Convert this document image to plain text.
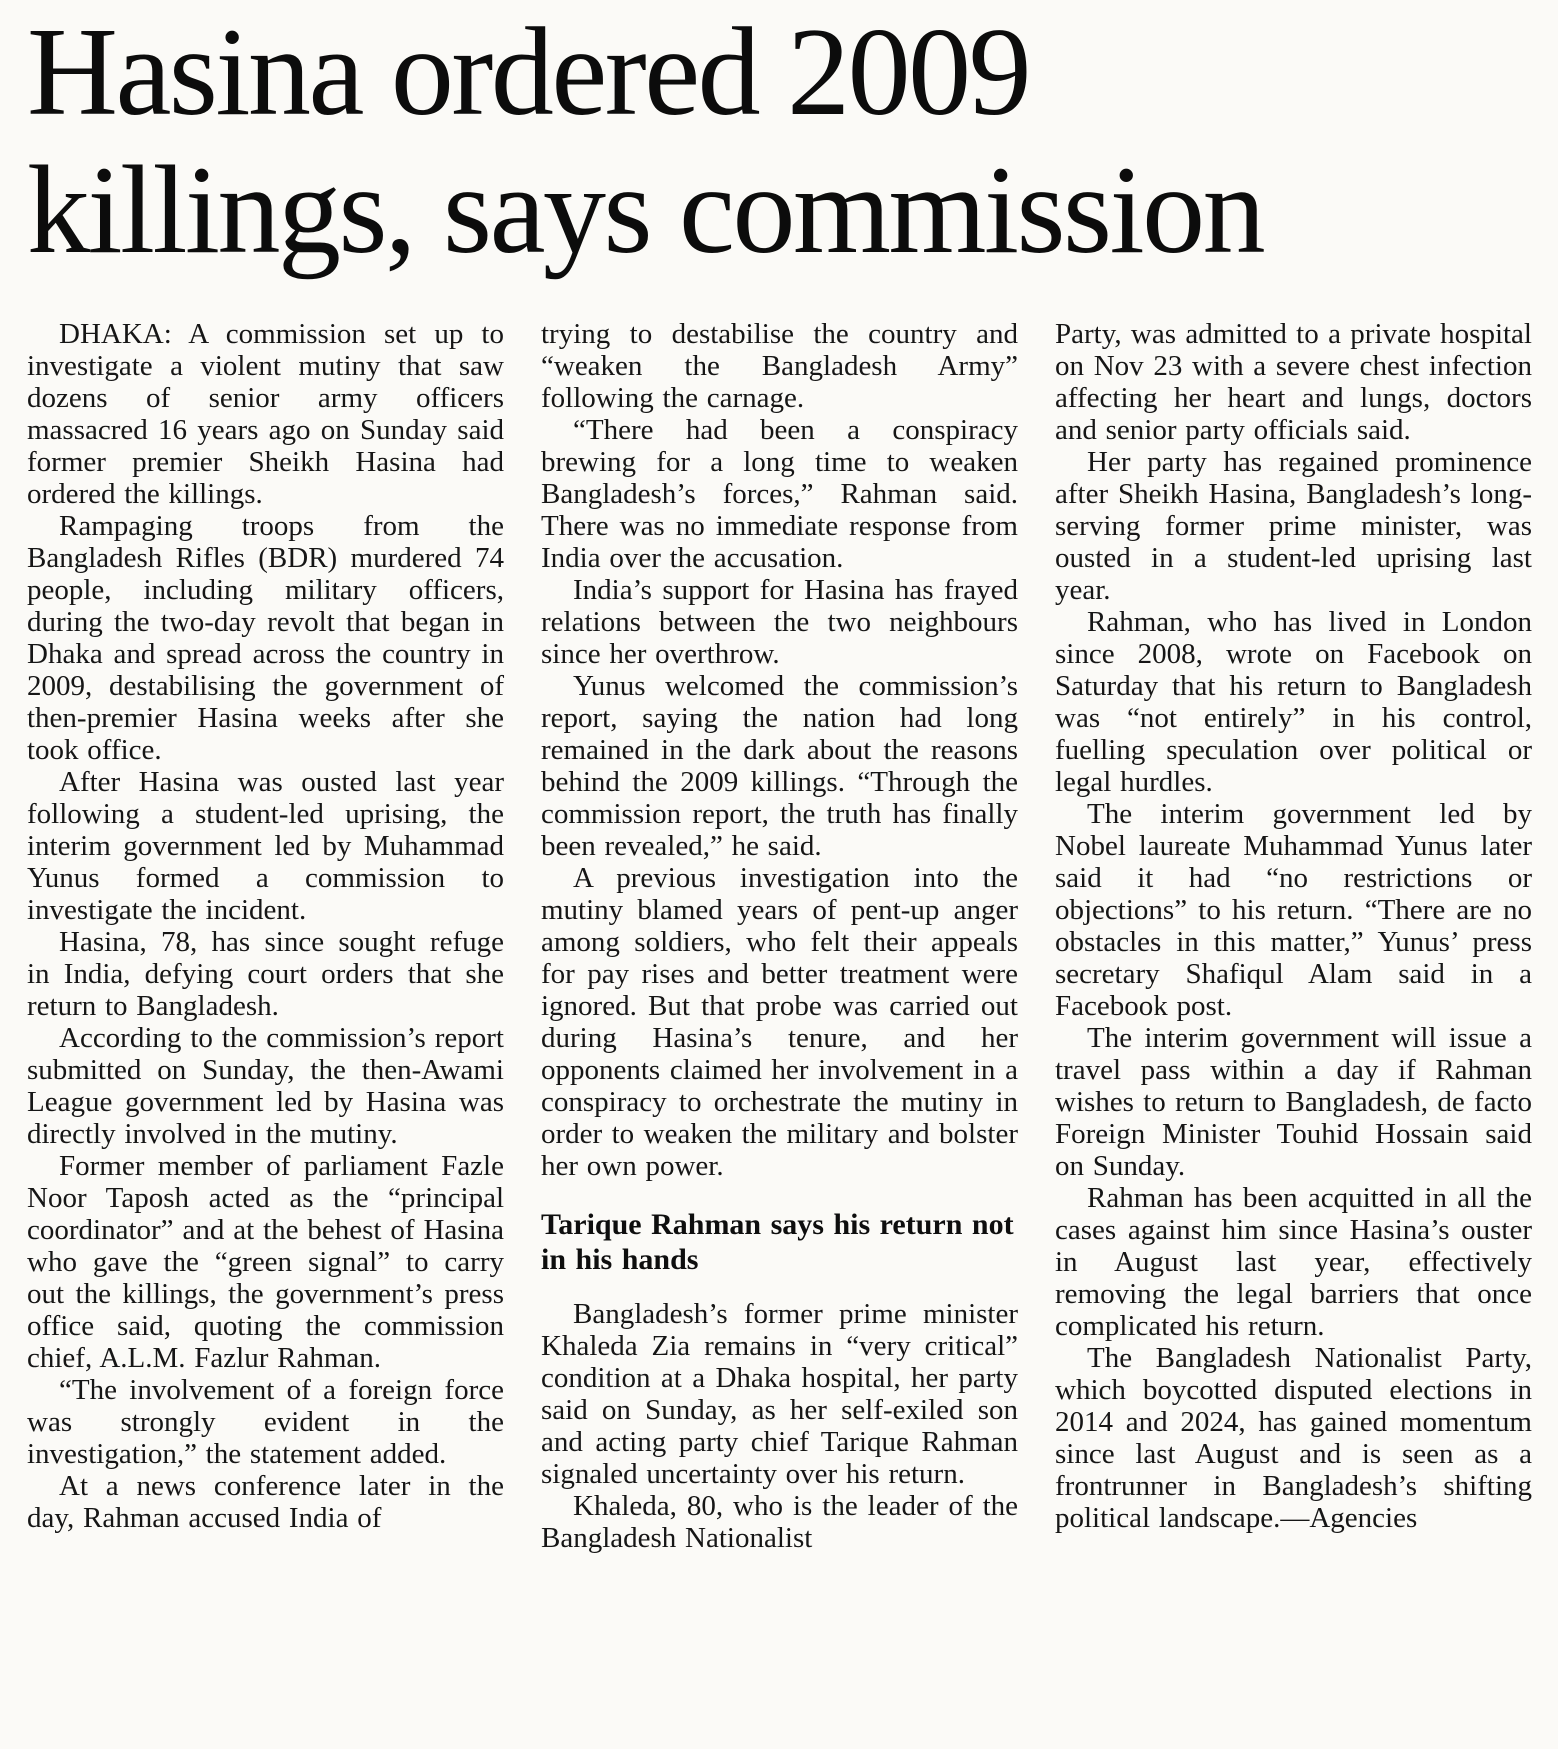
Hasina ordered 2009
killings, says commission

DHAKA: A commission set up to investigate a violent mutiny that saw dozens of senior army officers massacred 16 years ago on Sunday said former premier Sheikh Hasina had ordered the killings.

Rampaging troops from the Bangladesh Rifles (BDR) murdered 74 people, including military officers, during the two-day revolt that began in Dhaka and spread across the country in 2009, destabilising the government of then-premier Hasina weeks after she took office.

After Hasina was ousted last year following a student-led uprising, the interim government led by Muhammad Yunus formed a commission to investigate the incident.

Hasina, 78, has since sought refuge in India, defying court orders that she return to Bangladesh.

According to the commission’s report submitted on Sunday, the then-Awami League government led by Hasina was directly involved in the mutiny.

Former member of parliament Fazle Noor Taposh acted as the “principal coordinator” and at the behest of Hasina who gave the “green signal” to carry out the killings, the government’s press office said, quoting the commission chief, A.L.M. Fazlur Rahman.

“The involvement of a foreign force was strongly evident in the investigation,” the statement added.

At a news conference later in the day, Rahman accused India of

trying to destabilise the country and “weaken the Bangladesh Army” following the carnage.

“There had been a conspiracy brewing for a long time to weaken Bangladesh’s forces,” Rahman said. There was no immediate response from India over the accusation.

India’s support for Hasina has frayed relations between the two neighbours since her overthrow.

Yunus welcomed the commission’s report, saying the nation had long remained in the dark about the reasons behind the 2009 killings. “Through the commission report, the truth has finally been revealed,” he said.

A previous investigation into the mutiny blamed years of pent-up anger among soldiers, who felt their appeals for pay rises and better treatment were ignored. But that probe was carried out during Hasina’s tenure, and her opponents claimed her involvement in a conspiracy to orchestrate the mutiny in order to weaken the military and bolster her own power.

Tarique Rahman says his return not in his hands

Bangladesh’s former prime minister Khaleda Zia remains in “very critical” condition at a Dhaka hospital, her party said on Sunday, as her self-exiled son and acting party chief Tarique Rahman signaled uncertainty over his return.

Khaleda, 80, who is the leader of the Bangladesh Nationalist

Party, was admitted to a private hospital on Nov 23 with a severe chest infection affecting her heart and lungs, doctors and senior party officials said.

Her party has regained prominence after Sheikh Hasina, Bangladesh’s long-serving former prime minister, was ousted in a student-led uprising last year.

Rahman, who has lived in London since 2008, wrote on Facebook on Saturday that his return to Bangladesh was “not entirely” in his control, fuelling speculation over political or legal hurdles.

The interim government led by Nobel laureate Muhammad Yunus later said it had “no restrictions or objections” to his return. “There are no obstacles in this matter,” Yunus’ press secretary Shafiqul Alam said in a Facebook post.

The interim government will issue a travel pass within a day if Rahman wishes to return to Bangladesh, de facto Foreign Minister Touhid Hossain said on Sunday.

Rahman has been acquitted in all the cases against him since Hasina’s ouster in August last year, effectively removing the legal barriers that once complicated his return.

The Bangladesh Nationalist Party, which boycotted disputed elections in 2014 and 2024, has gained momentum since last August and is seen as a frontrunner in Bangladesh’s shifting political landscape.—Agencies
